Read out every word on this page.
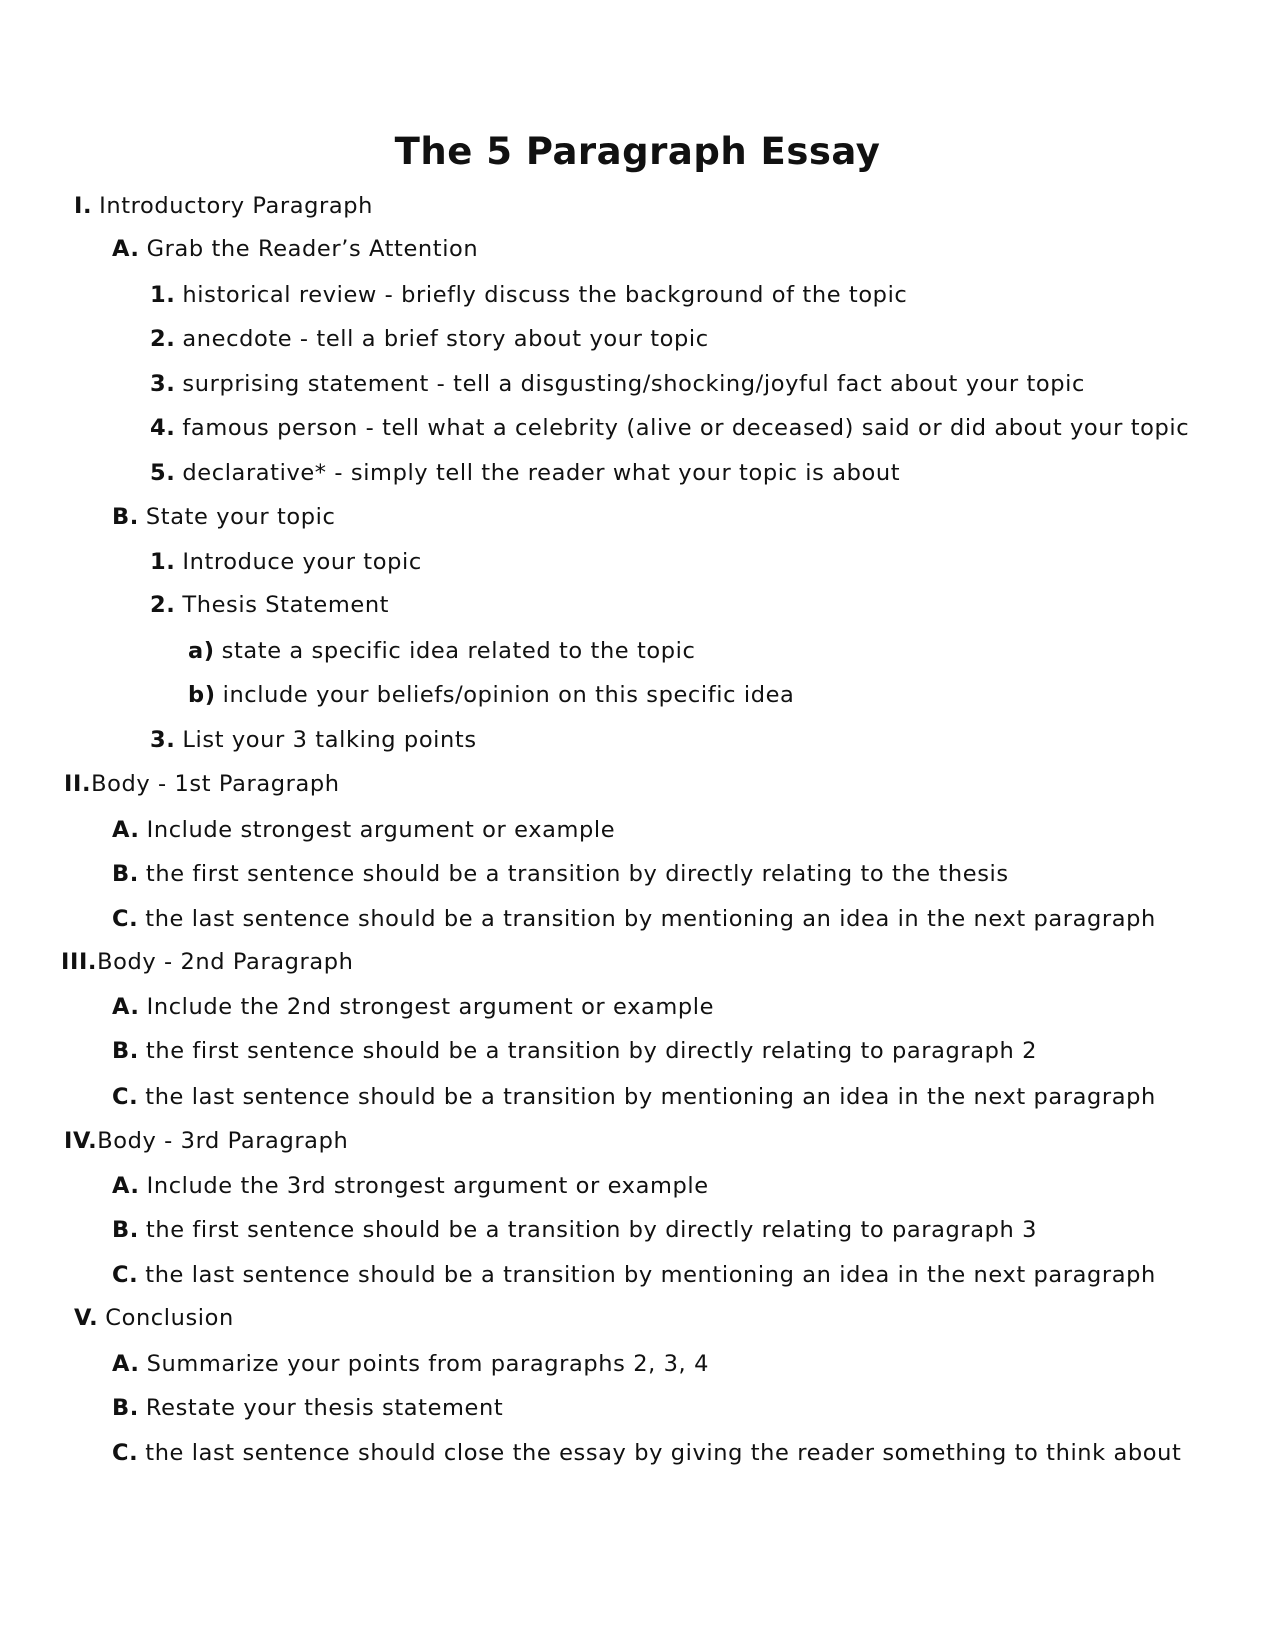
The 5 Paragraph Essay
I. Introductory Paragraph
A. Grab the Reader’s Attention
1. historical review - briefly discuss the background of the topic
2. anecdote - tell a brief story about your topic
3. surprising statement - tell a disgusting/shocking/joyful fact about your topic
4. famous person - tell what a celebrity (alive or deceased) said or did about your topic
5. declarative* - simply tell the reader what your topic is about
B. State your topic
1. Introduce your topic
2. Thesis Statement
a) state a specific idea related to the topic
b) include your beliefs/opinion on this specific idea
3. List your 3 talking points
II.Body - 1st Paragraph
A. Include strongest argument or example
B. the first sentence should be a transition by directly relating to the thesis
C. the last sentence should be a transition by mentioning an idea in the next paragraph
III.Body - 2nd Paragraph
A. Include the 2nd strongest argument or example
B. the first sentence should be a transition by directly relating to paragraph 2
C. the last sentence should be a transition by mentioning an idea in the next paragraph
IV.Body - 3rd Paragraph
A. Include the 3rd strongest argument or example
B. the first sentence should be a transition by directly relating to paragraph 3
C. the last sentence should be a transition by mentioning an idea in the next paragraph
V. Conclusion
A. Summarize your points from paragraphs 2, 3, 4
B. Restate your thesis statement
C. the last sentence should close the essay by giving the reader something to think about
